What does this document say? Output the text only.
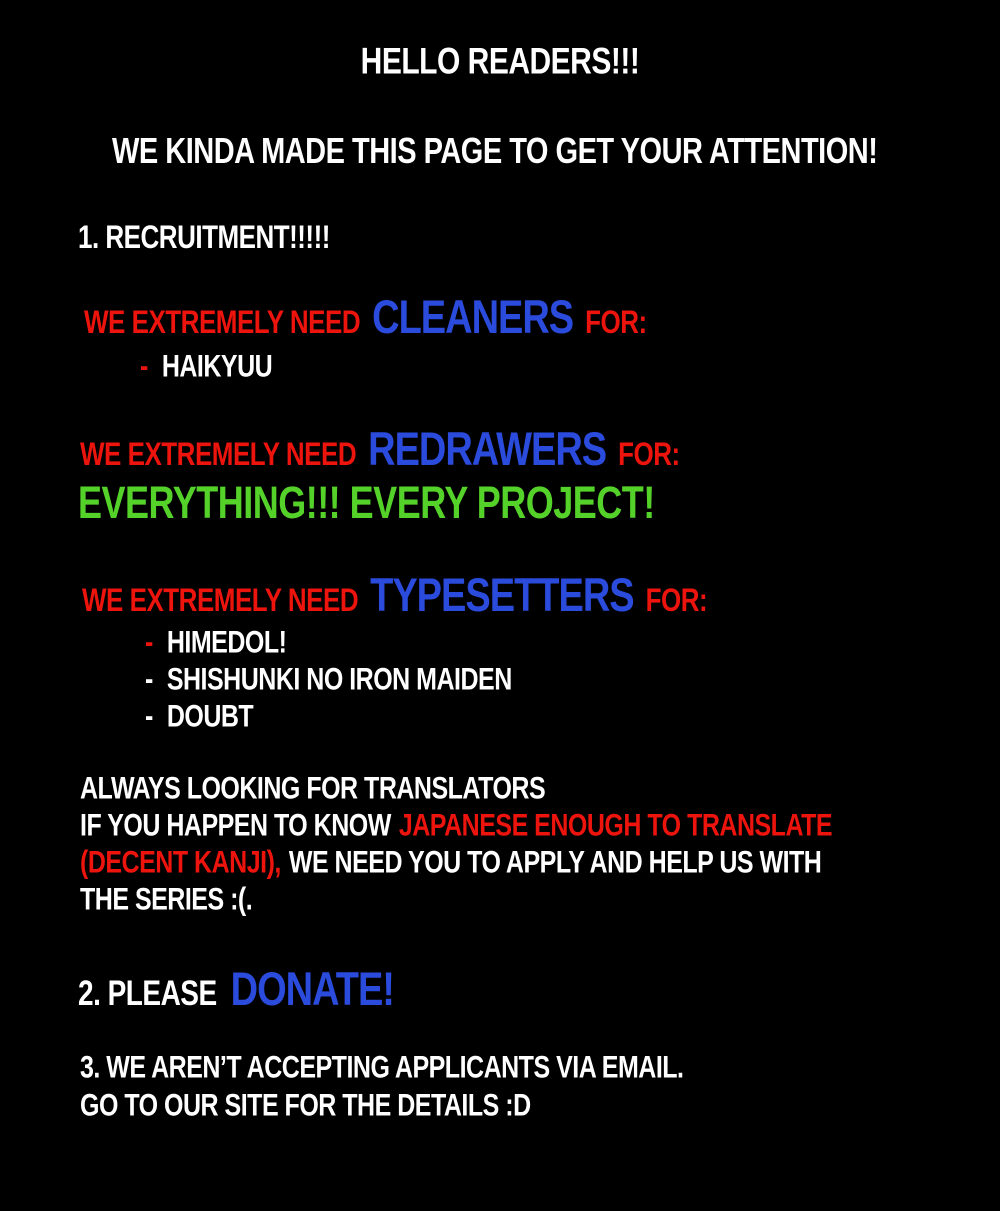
HELLO READERS!!!
WE KINDA MADE THIS PAGE TO GET YOUR ATTENTION!
1. RECRUITMENT!!!!!
WE EXTREMELY NEED CLEANERS FOR:
- HAIKYUU
WE EXTREMELY NEED REDRAWERS FOR:
EVERYTHING!!! EVERY PROJECT!
WE EXTREMELY NEED TYPESETTERS FOR:
- HIMEDOL!
- SHISHUNKI NO IRON MAIDEN
- DOUBT
ALWAYS LOOKING FOR TRANSLATORS
IF YOU HAPPEN TO KNOW JAPANESE ENOUGH TO TRANSLATE
(DECENT KANJI), WE NEED YOU TO APPLY AND HELP US WITH
THE SERIES :(.
2. PLEASE DONATE!
3. WE AREN’T ACCEPTING APPLICANTS VIA EMAIL.
GO TO OUR SITE FOR THE DETAILS :D
